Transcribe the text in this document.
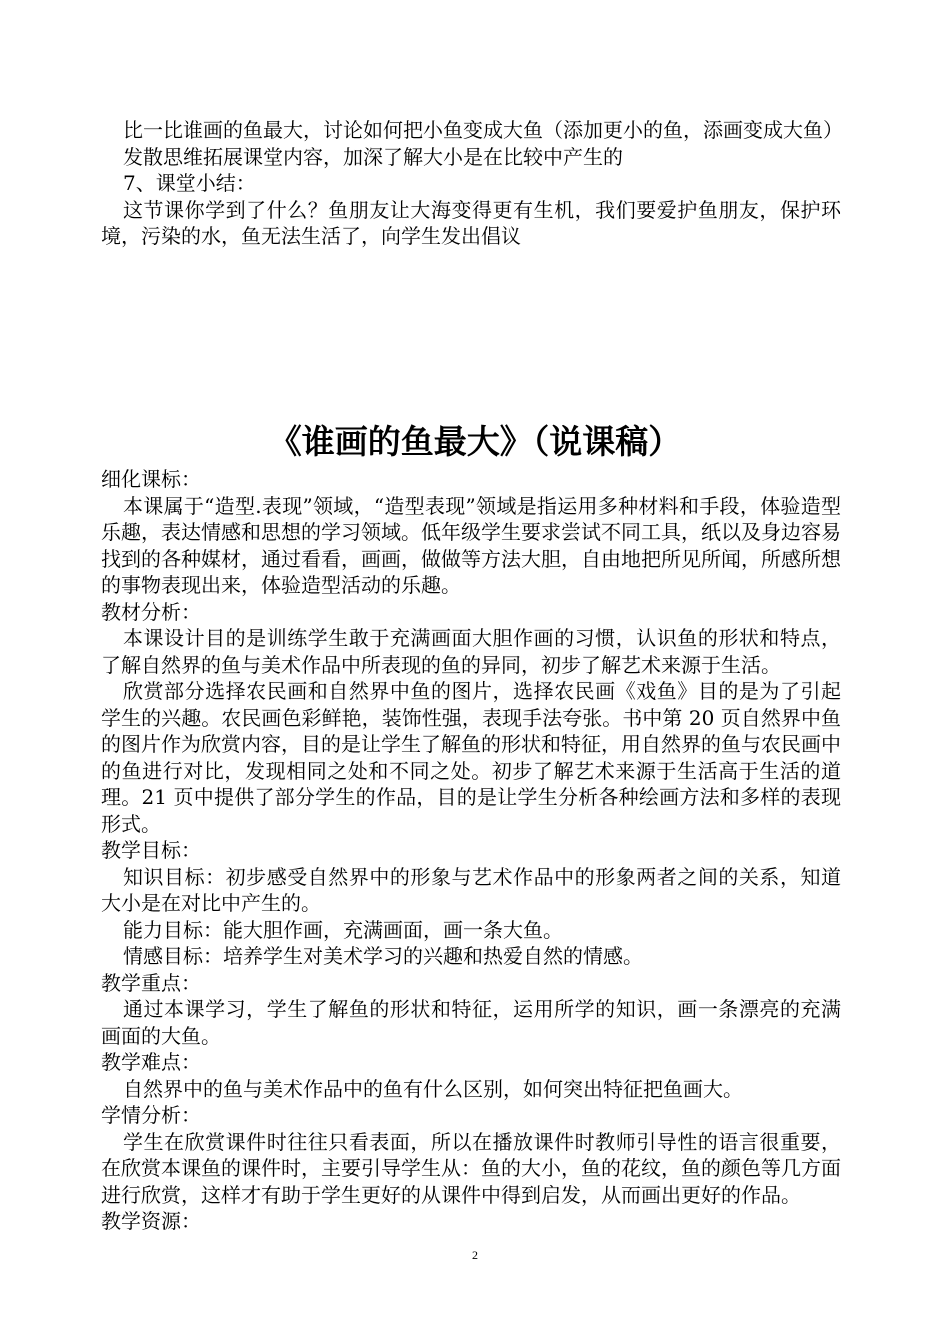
比一比谁画的鱼最大，讨论如何把小鱼变成大鱼（添加更小的鱼，添画变成大鱼）

发散思维拓展课堂内容，加深了解大小是在比较中产生的

7、课堂小结：

这节课你学到了什么？鱼朋友让大海变得更有生机，我们要爱护鱼朋友，保护环境，污染的水，鱼无法生活了，向学生发出倡议

《谁画的鱼最大》（说课稿）

细化课标：

本课属于“造型.表现”领域，“造型表现”领域是指运用多种材料和手段，体验造型乐趣，表达情感和思想的学习领域。低年级学生要求尝试不同工具，纸以及身边容易找到的各种媒材，通过看看，画画，做做等方法大胆，自由地把所见所闻，所感所想的事物表现出来，体验造型活动的乐趣。

教材分析：

本课设计目的是训练学生敢于充满画面大胆作画的习惯，认识鱼的形状和特点，了解自然界的鱼与美术作品中所表现的鱼的异同，初步了解艺术来源于生活。

欣赏部分选择农民画和自然界中鱼的图片，选择农民画《戏鱼》目的是为了引起学生的兴趣。农民画色彩鲜艳，装饰性强，表现手法夸张。书中第 20 页自然界中鱼的图片作为欣赏内容，目的是让学生了解鱼的形状和特征，用自然界的鱼与农民画中的鱼进行对比，发现相同之处和不同之处。初步了解艺术来源于生活高于生活的道理。21 页中提供了部分学生的作品，目的是让学生分析各种绘画方法和多样的表现形式。

教学目标：

知识目标：初步感受自然界中的形象与艺术作品中的形象两者之间的关系，知道大小是在对比中产生的。

能力目标：能大胆作画，充满画面，画一条大鱼。

情感目标：培养学生对美术学习的兴趣和热爱自然的情感。

教学重点：

通过本课学习，学生了解鱼的形状和特征，运用所学的知识，画一条漂亮的充满画面的大鱼。

教学难点：

自然界中的鱼与美术作品中的鱼有什么区别，如何突出特征把鱼画大。

学情分析：

学生在欣赏课件时往往只看表面，所以在播放课件时教师引导性的语言很重要，在欣赏本课鱼的课件时，主要引导学生从：鱼的大小，鱼的花纹，鱼的颜色等几方面进行欣赏，这样才有助于学生更好的从课件中得到启发，从而画出更好的作品。

教学资源：

2
